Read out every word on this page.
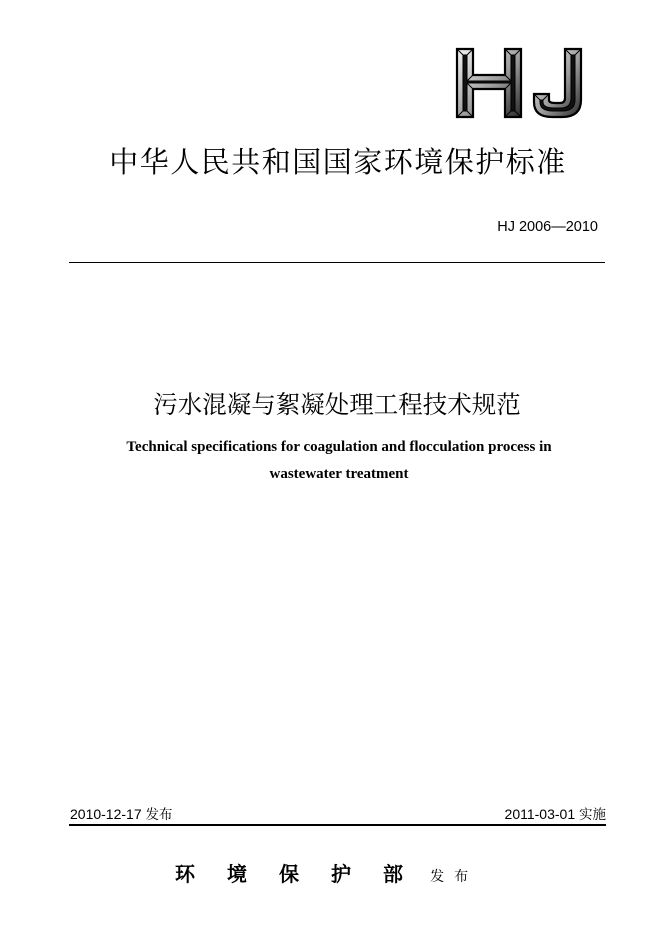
中华人民共和国国家环境保护标准
HJ 2006—2010
污水混凝与絮凝处理工程技术规范
Technical specifications for coagulation and flocculation process in
wastewater treatment
2010-12-17 发布	2011-03-01 实施
环境保护部 发布
